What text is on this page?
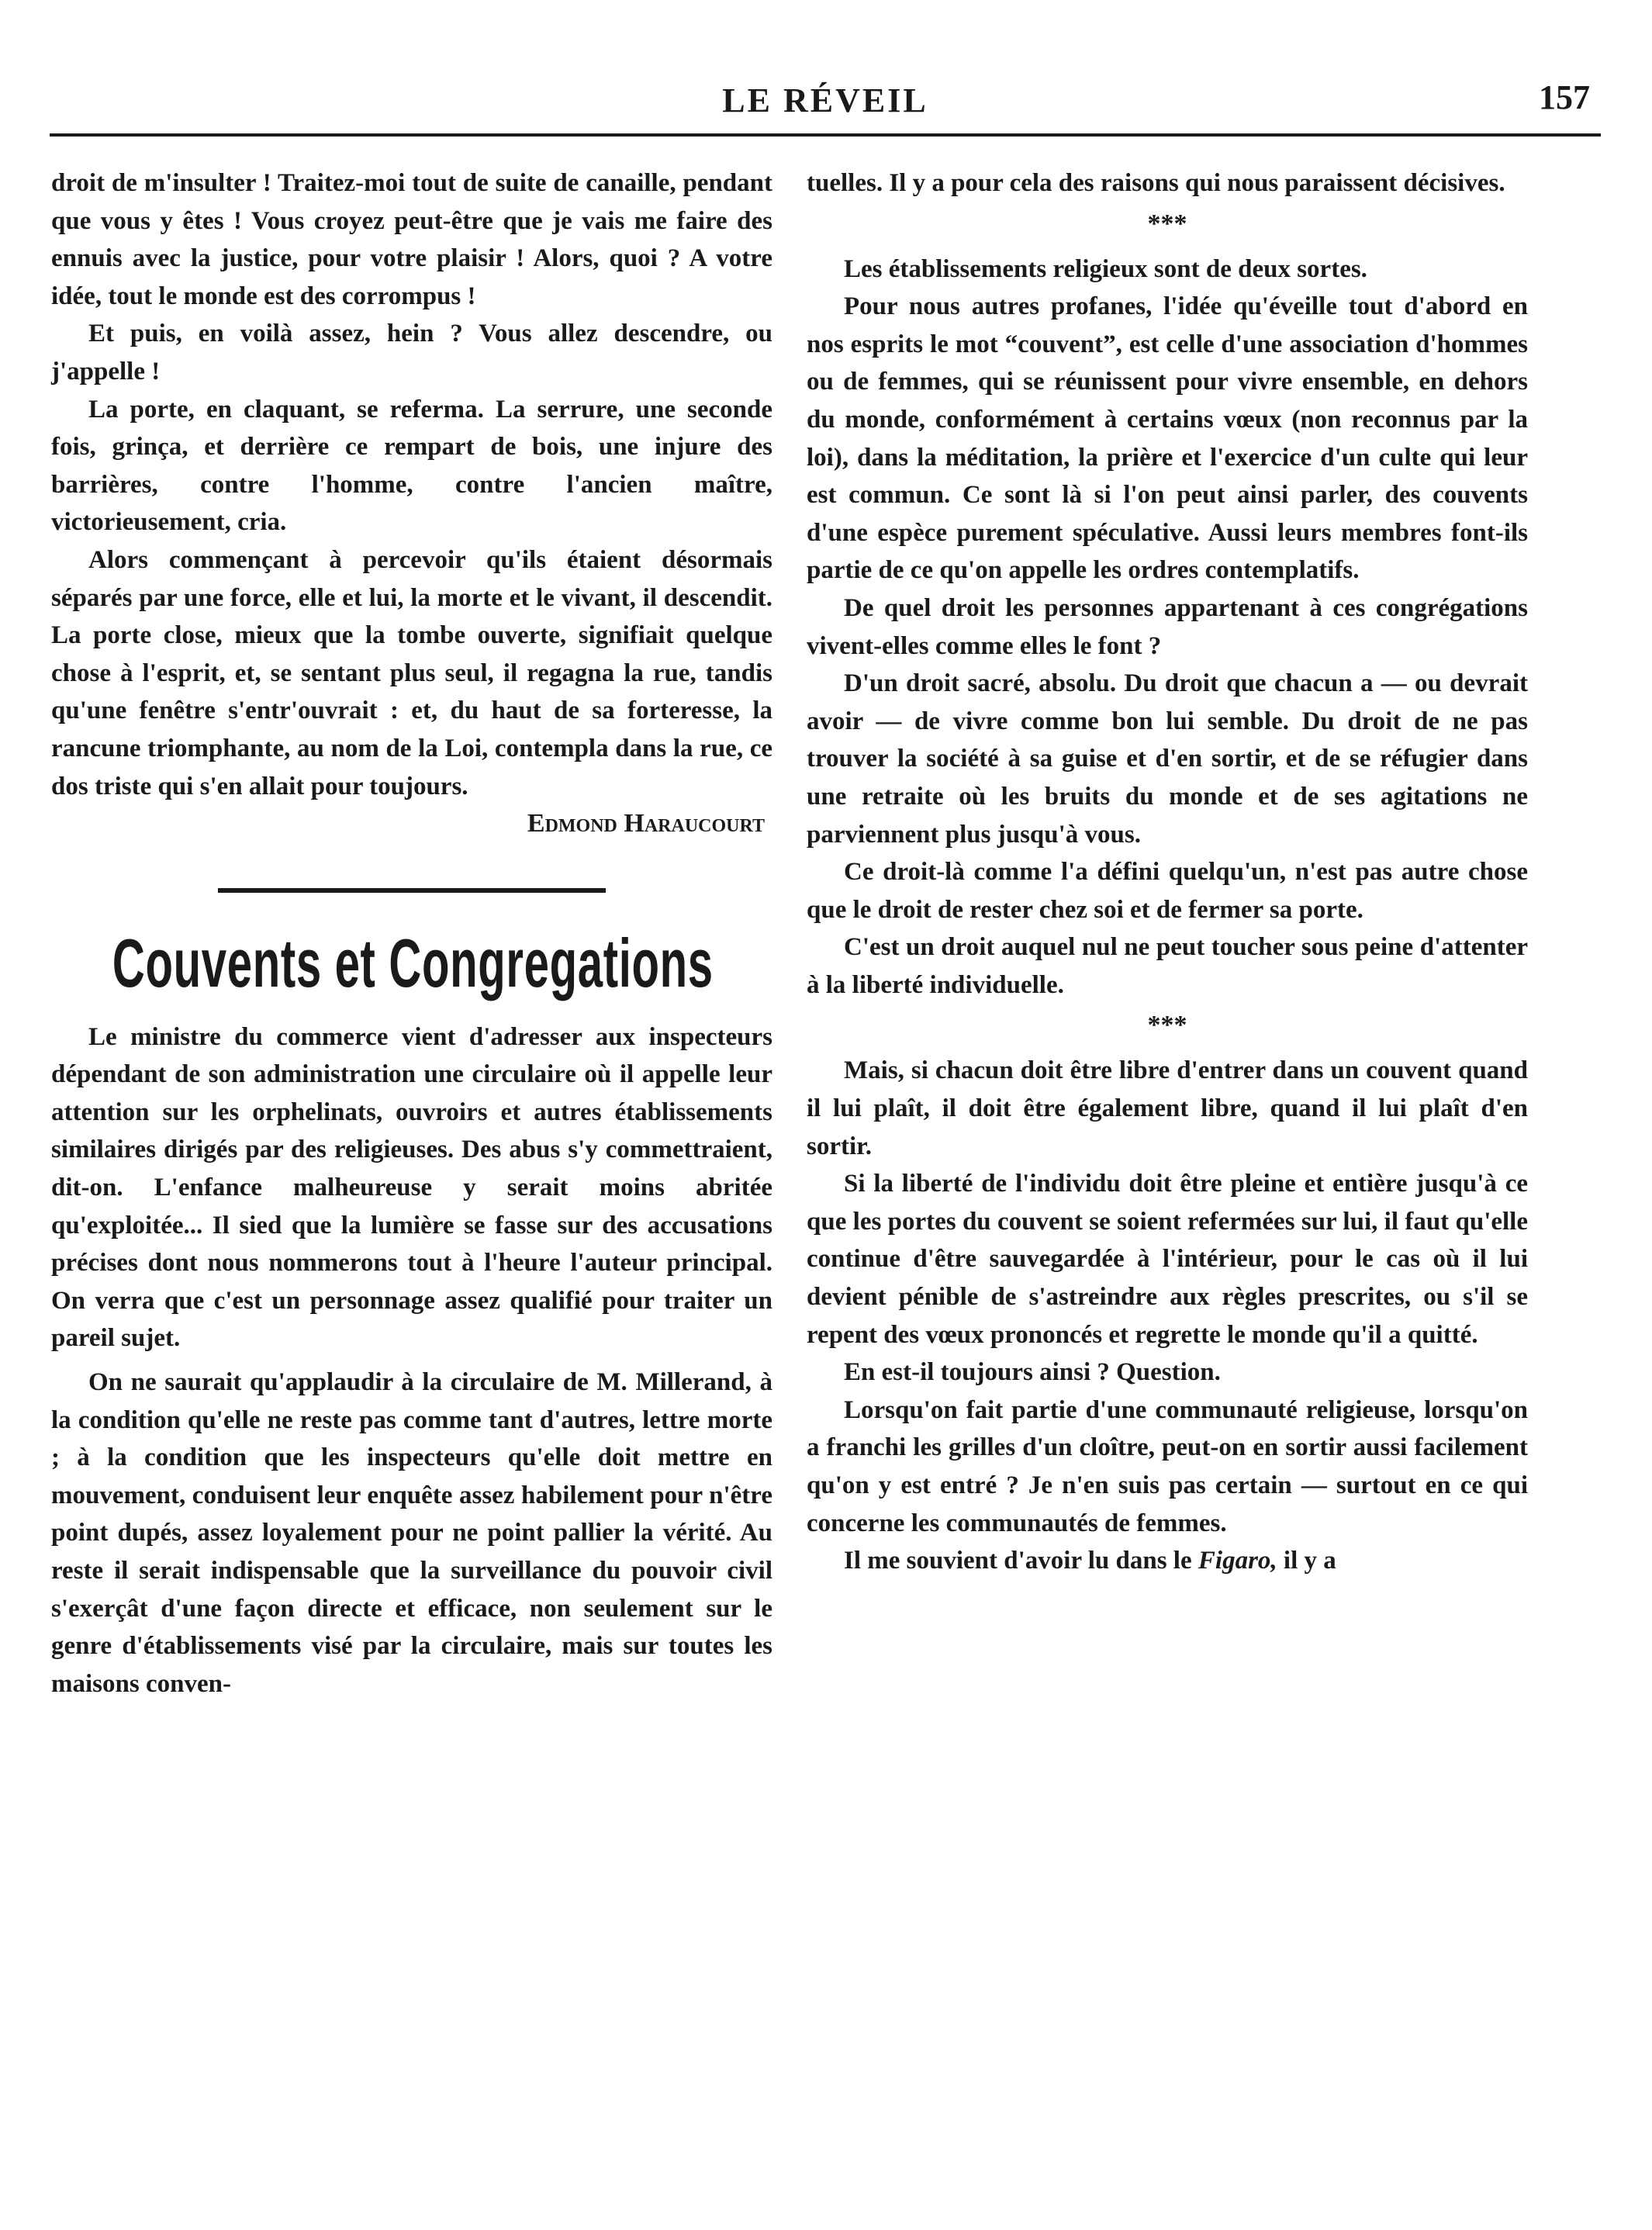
LE RÉVEIL	157

droit de m'insulter ! Traitez-moi tout de suite de canaille, pendant que vous y êtes ! Vous croyez peut-être que je vais me faire des ennuis avec la justice, pour votre plaisir ! Alors, quoi ? A votre idée, tout le monde est des corrompus !

Et puis, en voilà assez, hein ? Vous allez descendre, ou j'appelle !

La porte, en claquant, se referma. La serrure, une seconde fois, grinça, et derrière ce rempart de bois, une injure des barrières, contre l'homme, contre l'ancien maître, victorieusement, cria.

Alors commençant à percevoir qu'ils étaient désormais séparés par une force, elle et lui, la morte et le vivant, il descendit. La porte close, mieux que la tombe ouverte, signifiait quelque chose à l'esprit, et, se sentant plus seul, il regagna la rue, tandis qu'une fenêtre s'entr'ouvrait : et, du haut de sa forteresse, la rancune triomphante, au nom de la Loi, contempla dans la rue, ce dos triste qui s'en allait pour toujours.

Edmond Haraucourt
Couvents et Congregations

Le ministre du commerce vient d'adresser aux inspecteurs dépendant de son administration une circulaire où il appelle leur attention sur les orphelinats, ouvroirs et autres établissements similaires dirigés par des religieuses. Des abus s'y commettraient, dit-on. L'enfance malheureuse y serait moins abritée qu'exploitée... Il sied que la lumière se fasse sur des accusations précises dont nous nommerons tout à l'heure l'auteur principal. On verra que c'est un personnage assez qualifié pour traiter un pareil sujet.

On ne saurait qu'applaudir à la circulaire de M. Millerand, à la condition qu'elle ne reste pas comme tant d'autres, lettre morte ; à la condition que les inspecteurs qu'elle doit mettre en mouvement, conduisent leur enquête assez habilement pour n'être point dupés, assez loyalement pour ne point pallier la vérité. Au reste il serait indispensable que la surveillance du pouvoir civil s'exerçât d'une façon directe et efficace, non seulement sur le genre d'établissements visé par la circulaire, mais sur toutes les maisons conven-

tuelles. Il y a pour cela des raisons qui nous paraissent décisives.

***

Les établissements religieux sont de deux sortes.

Pour nous autres profanes, l'idée qu'éveille tout d'abord en nos esprits le mot “couvent”, est celle d'une association d'hommes ou de femmes, qui se réunissent pour vivre ensemble, en dehors du monde, conformément à certains vœux (non reconnus par la loi), dans la méditation, la prière et l'exercice d'un culte qui leur est commun. Ce sont là si l'on peut ainsi parler, des couvents d'une espèce purement spéculative. Aussi leurs membres font-ils partie de ce qu'on appelle les ordres contemplatifs.

De quel droit les personnes appartenant à ces congrégations vivent-elles comme elles le font ?

D'un droit sacré, absolu. Du droit que chacun a — ou devrait avoir — de vivre comme bon lui semble. Du droit de ne pas trouver la société à sa guise et d'en sortir, et de se réfugier dans une retraite où les bruits du monde et de ses agitations ne parviennent plus jusqu'à vous.

Ce droit-là comme l'a défini quelqu'un, n'est pas autre chose que le droit de rester chez soi et de fermer sa porte.

C'est un droit auquel nul ne peut toucher sous peine d'attenter à la liberté individuelle.

***

Mais, si chacun doit être libre d'entrer dans un couvent quand il lui plaît, il doit être également libre, quand il lui plaît d'en sortir.

Si la liberté de l'individu doit être pleine et entière jusqu'à ce que les portes du couvent se soient refermées sur lui, il faut qu'elle continue d'être sauvegardée à l'intérieur, pour le cas où il lui devient pénible de s'astreindre aux règles prescrites, ou s'il se repent des vœux prononcés et regrette le monde qu'il a quitté.

En est-il toujours ainsi ? Question.

Lorsqu'on fait partie d'une communauté religieuse, lorsqu'on a franchi les grilles d'un cloître, peut-on en sortir aussi facilement qu'on y est entré ? Je n'en suis pas certain — surtout en ce qui concerne les communautés de femmes.

Il me souvient d'avoir lu dans le Figaro, il y a
